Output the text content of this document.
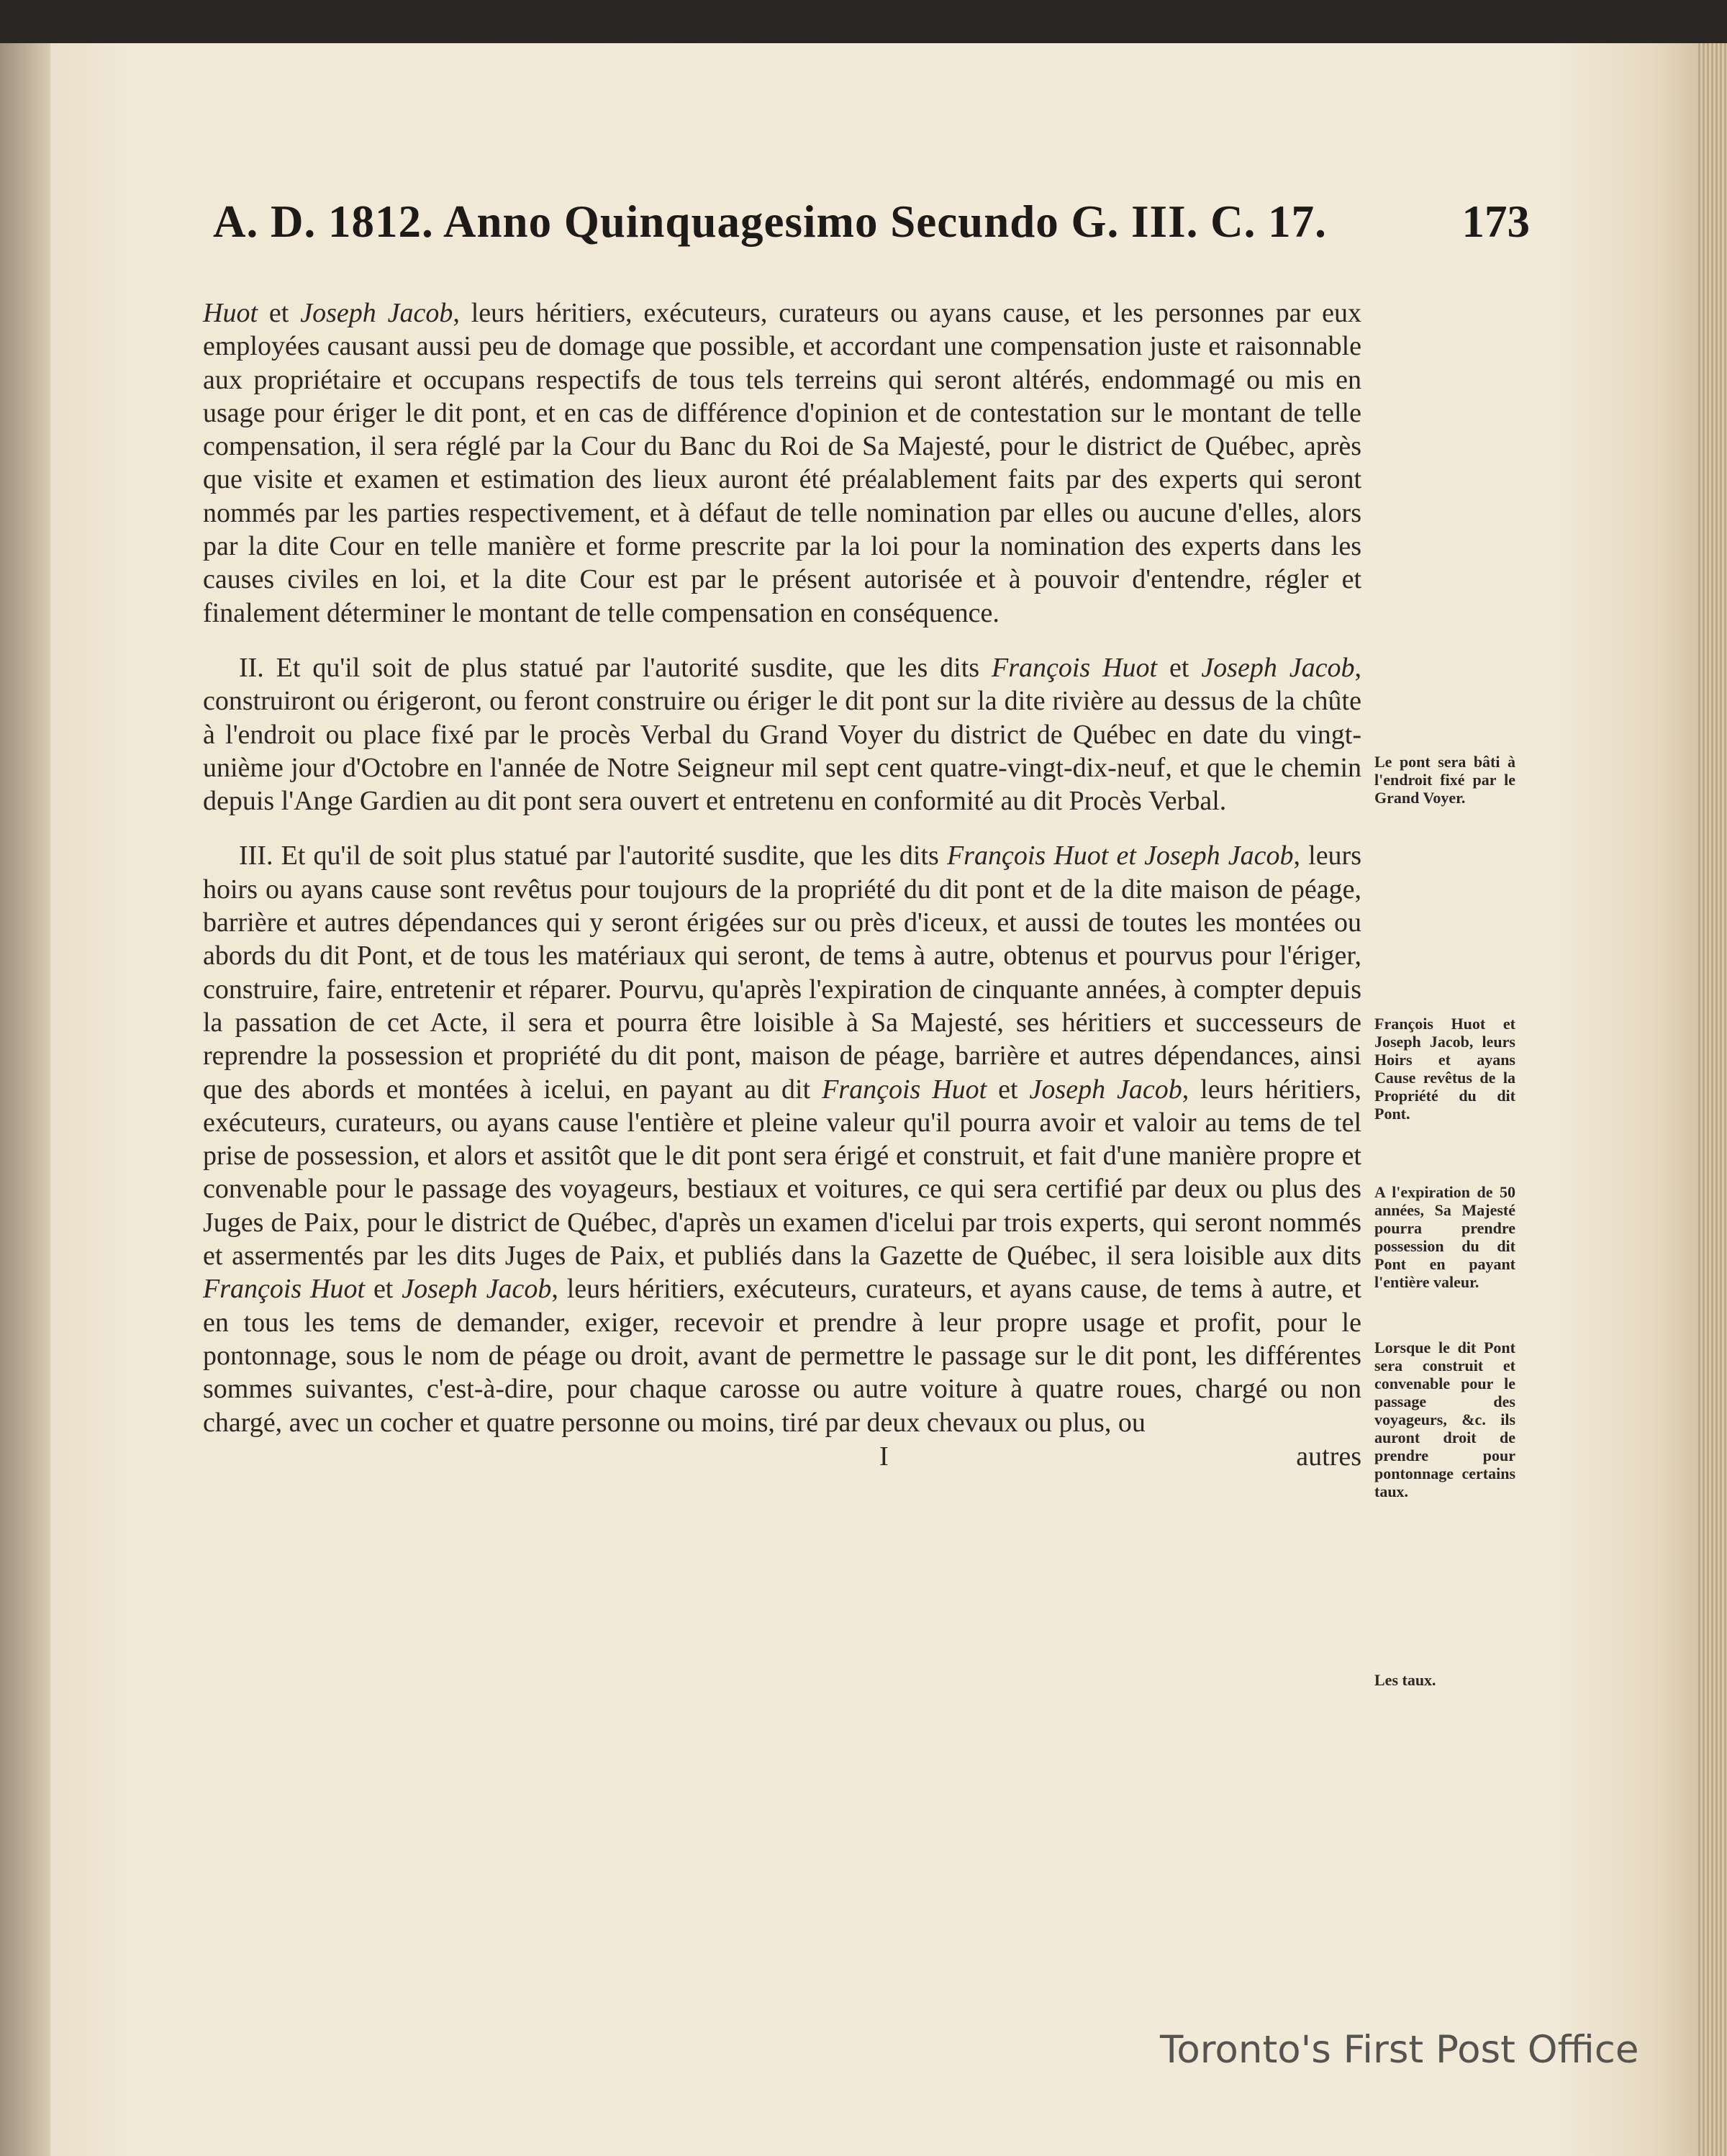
A. D. 1812. Anno Quinquagesimo Secundo G. III. C. 17.	173

Huot et Joseph Jacob, leurs héritiers, exécuteurs, curateurs ou ayans cause, et les personnes par eux employées causant aussi peu de domage que possible, et accordant une compensation juste et raisonnable aux propriétaire et occupans respectifs de tous tels terreins qui seront altérés, endommagé ou mis en usage pour ériger le dit pont, et en cas de différence d'opinion et de contestation sur le montant de telle compensation, il sera réglé par la Cour du Banc du Roi de Sa Majesté, pour le district de Québec, après que visite et examen et estimation des lieux auront été préalablement faits par des experts qui seront nommés par les parties respectivement, et à défaut de telle nomination par elles ou aucune d'elles, alors par la dite Cour en telle manière et forme prescrite par la loi pour la nomination des experts dans les causes civiles en loi, et la dite Cour est par le présent autorisée et à pouvoir d'entendre, régler et finalement déterminer le montant de telle compensation en conséquence.

II. Et qu'il soit de plus statué par l'autorité susdite, que les dits François Huot et Joseph Jacob, construiront ou érigeront, ou feront construire ou ériger le dit pont sur la dite rivière au dessus de la chûte à l'endroit ou place fixé par le procès Verbal du Grand Voyer du district de Québec en date du vingt-unième jour d'Octobre en l'année de Notre Seigneur mil sept cent quatre-vingt-dix-neuf, et que le chemin depuis l'Ange Gardien au dit pont sera ouvert et entretenu en conformité au dit Procès Verbal.

III. Et qu'il de soit plus statué par l'autorité susdite, que les dits François Huot et Joseph Jacob, leurs hoirs ou ayans cause sont revêtus pour toujours de la propriété du dit pont et de la dite maison de péage, barrière et autres dépendances qui y seront érigées sur ou près d'iceux, et aussi de toutes les montées ou abords du dit Pont, et de tous les matériaux qui seront, de tems à autre, obtenus et pourvus pour l'ériger, construire, faire, entretenir et réparer. Pourvu, qu'après l'expiration de cinquante années, à compter depuis la passation de cet Acte, il sera et pourra être loisible à Sa Majesté, ses héritiers et successeurs de reprendre la possession et propriété du dit pont, maison de péage, barrière et autres dépendances, ainsi que des abords et montées à icelui, en payant au dit François Huot et Joseph Jacob, leurs héritiers, exécuteurs, curateurs, ou ayans cause l'entière et pleine valeur qu'il pourra avoir et valoir au tems de tel prise de possession, et alors et assitôt que le dit pont sera érigé et construit, et fait d'une manière propre et convenable pour le passage des voyageurs, bestiaux et voitures, ce qui sera certifié par deux ou plus des Juges de Paix, pour le district de Québec, d'après un examen d'icelui par trois experts, qui seront nommés et assermentés par les dits Juges de Paix, et publiés dans la Gazette de Québec, il sera loisible aux dits François Huot et Joseph Jacob, leurs héritiers, exécuteurs, curateurs, et ayans cause, de tems à autre, et en tous les tems de demander, exiger, recevoir et prendre à leur propre usage et profit, pour le pontonnage, sous le nom de péage ou droit, avant de permettre le passage sur le dit pont, les différentes sommes suivantes, c'est-à-dire, pour chaque carosse ou autre voiture à quatre roues, chargé ou non chargé, avec un cocher et quatre personne ou moins, tiré par deux chevaux ou plus, ou

I	autres

Le pont sera bâti à l'endroit fixé par le Grand Voyer.
François Huot et Joseph Jacob, leurs Hoirs et ayans Cause revêtus de la Propriété du dit Pont.
A l'expiration de 50 années, Sa Majesté pourra prendre possession du dit Pont en payant l'entière valeur.
Lorsque le dit Pont sera construit et convenable pour le passage des voyageurs, &c. ils auront droit de prendre pour pontonnage certains taux.
Les taux.
Toronto's First Post Office
